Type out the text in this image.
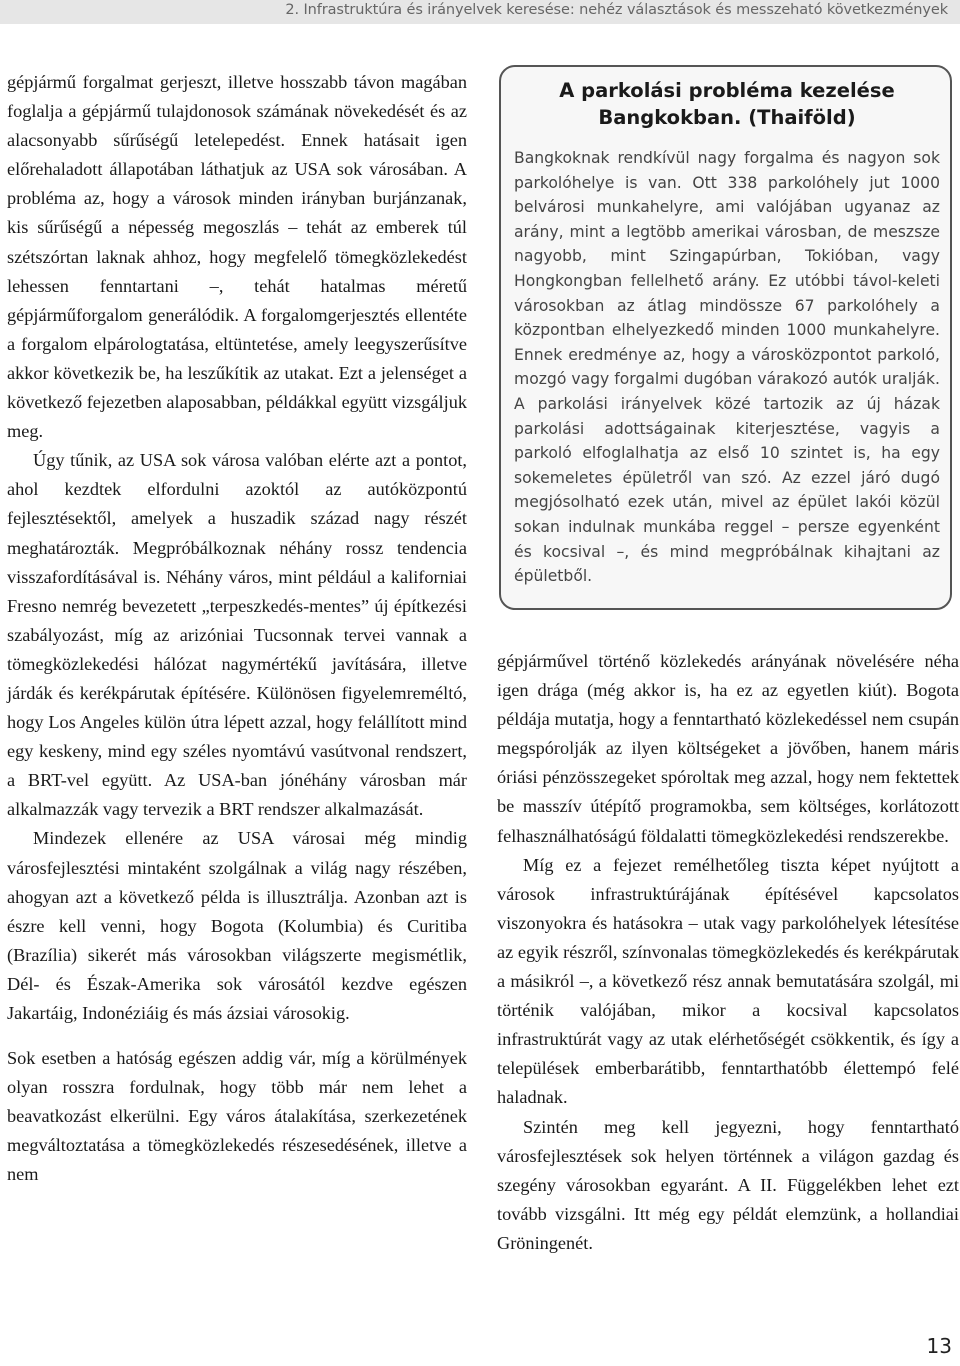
2. Infrastruktúra és irányelvek keresése: nehéz választások és messzeható következmények

gépjármű forgalmat gerjeszt, illetve hosszabb távon magában foglalja a gépjármű tulajdonosok számának növekedését és az alacsonyabb sűrűségű letelepedést. Ennek hatásait igen előrehaladott állapotában láthatjuk az USA sok városában. A probléma az, hogy a városok minden irányban burjánzanak, kis sűrűségű a népesség megoszlás – tehát az emberek túl szétszórtan laknak ahhoz, hogy megfelelő tömegközlekedést lehessen fenntartani –, tehát hatalmas méretű gépjárműforgalom generálódik. A forgalomgerjesztés ellentéte a forgalom elpárologtatása, eltüntetése, amely leegyszerűsítve akkor következik be, ha leszűkítik az utakat. Ezt a jelenséget a következő fejezetben alaposabban, példákkal együtt vizsgáljuk meg.

Úgy tűnik, az USA sok városa valóban elérte azt a pontot, ahol kezdtek elfordulni azoktól az autóközpontú fejlesztésektől, amelyek a huszadik század nagy részét meghatározták. Megpróbálkoznak néhány rossz tendencia visszafordításával is. Néhány város, mint például a kaliforniai Fresno nemrég bevezetett „terpeszkedés-mentes” új építkezési szabályozást, míg az arizóniai Tucsonnak tervei vannak a tömegközlekedési hálózat nagymértékű javítására, illetve járdák és kerékpárutak építésére. Különösen figyelemreméltó, hogy Los Angeles külön útra lépett azzal, hogy felállított mind egy keskeny, mind egy széles nyomtávú vasútvonal rendszert, a BRT-vel együtt. Az USA-ban jónéhány városban már alkalmazzák vagy tervezik a BRT rendszer alkalmazását.

Mindezek ellenére az USA városai még mindig városfejlesztési mintaként szolgálnak a világ nagy részében, ahogyan azt a következő példa is illusztrálja. Azonban azt is észre kell venni, hogy Bogota (Kolumbia) és Curitiba (Brazília) sikerét más városokban világszerte megismétlik, Dél- és Észak-Amerika sok városától kezdve egészen Jakartáig, Indonéziáig és más ázsiai városokig.

Sok esetben a hatóság egészen addig vár, míg a körülmények olyan rosszra fordulnak, hogy több már nem lehet a beavatkozást elkerülni. Egy város átalakítása, szerkezetének megváltoztatása a tömegközlekedés részesedésének, illetve a nem

A parkolási probléma kezelése
Bangkokban. (Thaiföld)

Bangkoknak rendkívül nagy forgalma és nagyon sok parkolóhelye is van. Ott 338 parkolóhely jut 1000 belvárosi munkahelyre, ami valójában ugyanaz az arány, mint a legtöbb amerikai városban, de meszsze nagyobb, mint Szingapúrban, Tokióban, vagy Hongkongban fellelhető arány. Ez utóbbi távol-keleti városokban az átlag mindössze 67 parkolóhely a központban elhelyezkedő minden 1000 munkahelyre. Ennek eredménye az, hogy a városközpontot parkoló, mozgó vagy forgalmi dugóban várakozó autók uralják. A parkolási irányelvek közé tartozik az új házak parkolási adottságainak kiterjesztése, vagyis a parkoló elfoglalhatja az első 10 szintet is, ha egy sokemeletes épületről van szó. Az ezzel járó dugó megjósolható ezek után, mivel az épület lakói közül sokan indulnak munkába reggel – persze egyenként és kocsival –, és mind megpróbálnak kihajtani az épületből.

gépjárművel történő közlekedés arányának növelésére néha igen drága (még akkor is, ha ez az egyetlen kiút). Bogota példája mutatja, hogy a fenntartható közlekedéssel nem csupán megspórolják az ilyen költségeket a jövőben, hanem máris óriási pénzösszegeket spóroltak meg azzal, hogy nem fektettek be masszív útépítő programokba, sem költséges, korlátozott felhasználhatóságú földalatti tömegközlekedési rendszerekbe.

Míg ez a fejezet remélhetőleg tiszta képet nyújtott a városok infrastruktúrájának építésével kapcsolatos viszonyokra és hatásokra – utak vagy parkolóhelyek létesítése az egyik részről, színvonalas tömegközlekedés és kerékpárutak a másikról –, a következő rész annak bemutatására szolgál, mi történik valójában, mikor a kocsival kapcsolatos infrastruktúrát vagy az utak elérhetőségét csökkentik, és így a települések emberbarátibb, fenntarthatóbb élettempó felé haladnak.

Szintén meg kell jegyezni, hogy fenntartható városfejlesztések sok helyen történnek a világon gazdag és szegény városokban egyaránt. A II. Függelékben lehet ezt tovább vizsgálni. Itt még egy példát elemzünk, a hollandiai Gröningenét.

13
